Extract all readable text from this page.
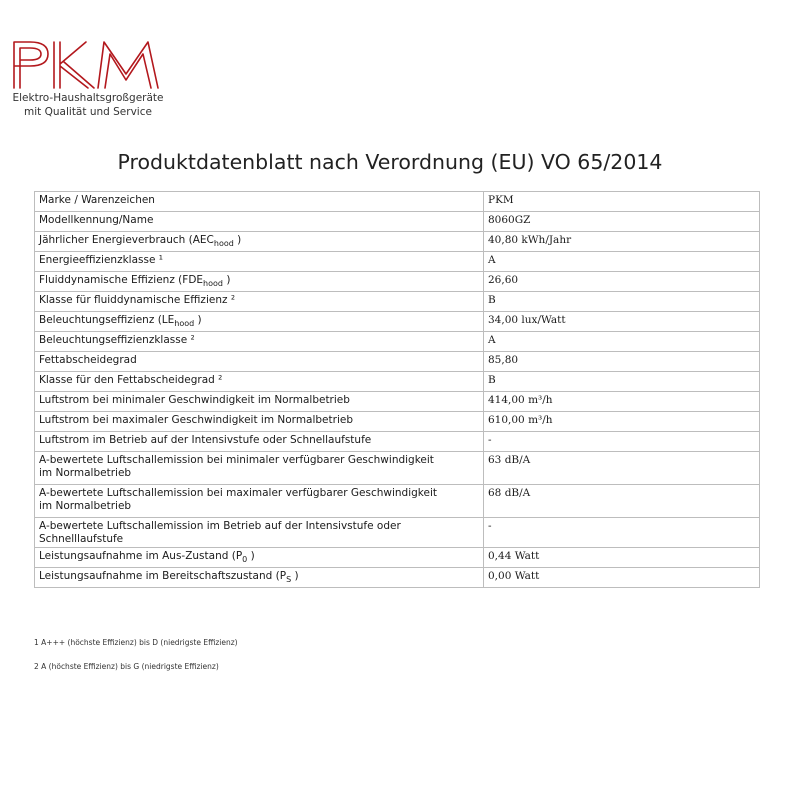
Elektro-Haushaltsgroßgeräte
mit Qualität und Service
Produktdatenblatt nach Verordnung (EU) VO 65/2014
Marke / Warenzeichen	PKM
Modellkennung/Name	8060GZ
Jährlicher Energieverbrauch ($AEC_{hood}$ )	40,80 kWh/Jahr
Energieeffizienzklasse ¹	A
Fluiddynamische Effizienz ($FDE_{hood}$ )	26,60
Klasse für fluiddynamische Effizienz ²	B
Beleuchtungseffizienz ($LE_{hood}$ )	34,00 lux/Watt
Beleuchtungseffizienzklasse ²	A
Fettabscheidegrad	85,80
Klasse für den Fettabscheidegrad ²	B
Luftstrom bei minimaler Geschwindigkeit im Normalbetrieb	414,00 m³/h
Luftstrom bei maximaler Geschwindigkeit im Normalbetrieb	610,00 m³/h
Luftstrom im Betrieb auf der Intensivstufe oder Schnellaufstufe	-
A-bewertete Luftschallemission bei minimaler verfügbarer Geschwindigkeit
im Normalbetrieb	63 dB/A
A-bewertete Luftschallemission bei maximaler verfügbarer Geschwindigkeit
im Normalbetrieb	68 dB/A
A-bewertete Luftschallemission im Betrieb auf der Intensivstufe oder Schnelllaufstufe	-
Leistungsaufnahme im Aus-Zustand ($P_0$ )	0,44 Watt
Leistungsaufnahme im Bereitschaftszustand ($P_S$ )	0,00 Watt
1 A+++ (höchste Effizienz) bis D (niedrigste Effizienz)
2 A (höchste Effizienz) bis G (niedrigste Effizienz)
